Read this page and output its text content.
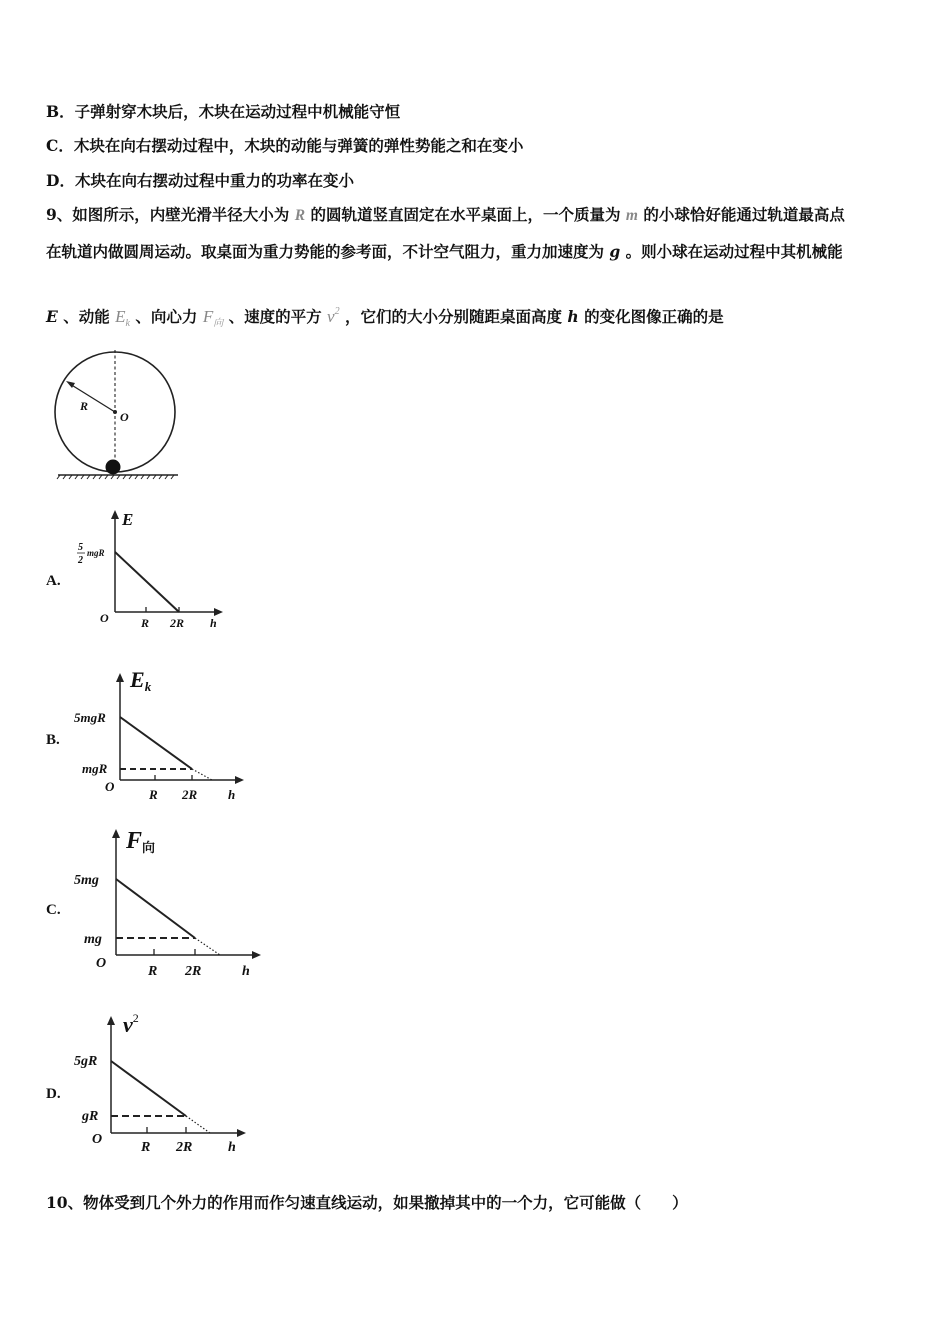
B．子弹射穿木块后，木块在运动过程中机械能守恒
C．木块在向右摆动过程中，木块的动能与弹簧的弹性势能之和在变小
D．木块在向右摆动过程中重力的功率在变小
9、如图所示，内壁光滑半径大小为 R 的圆轨道竖直固定在水平桌面上，一个质量为 m 的小球恰好能通过轨道最高点
在轨道内做圆周运动。取桌面为重力势能的参考面，不计空气阻力，重力加速度为 g 。则小球在运动过程中其机械能
E 、动能 $E_k$ 、向心力 $F_向$ 、速度的平方 $v^2$ ，它们的大小分别随距桌面高度 h 的变化图像正确的是
R
O
A.
E
5
2
mgR
O	R 2R h
B.
Ek
5mgR
mgR
O
R 2R h
C.
F向
5mg
mg
O
R 2R	h
D.
$v^2$
5gR
gR
O
R 2R	h
10、物体受到几个外力的作用而作匀速直线运动，如果撤掉其中的一个力，它可能做（　　）
